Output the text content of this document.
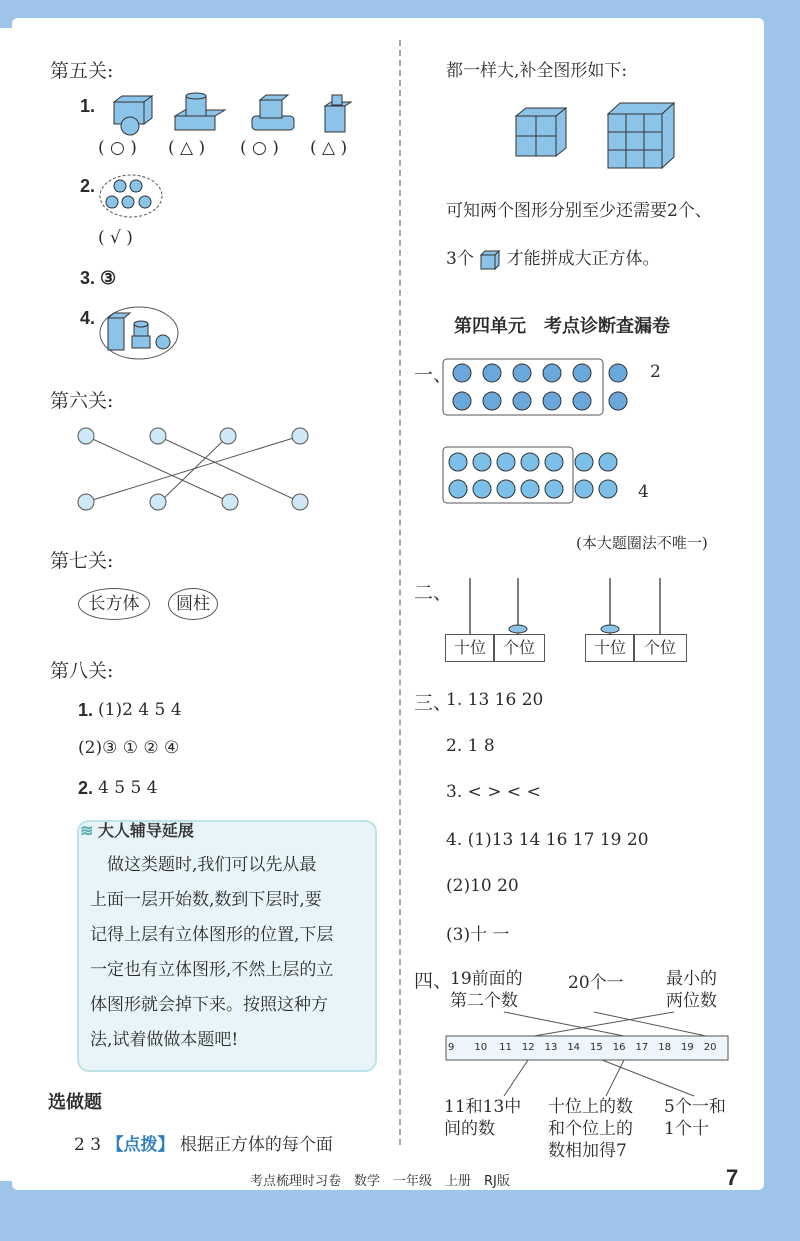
第五关:
1.
( ○ ) ( △ ) ( ○ ) ( △ )
2.
( √ )
3. ③
4.
第六关:
第七关:
长方体	圆柱
第八关:
1. (1)2 4 5 4
(2)③ ① ② ④
2. 4 5 5 4
≋ 大人辅导延展
　做这类题时,我们可以先从最
上面一层开始数,数到下层时,要
记得上层有立体图形的位置,下层
一定也有立体图形,不然上层的立
体图形就会掉下来。按照这种方
法,试着做做本题吧!
选做题
2 3 【点拨】 根据正方体的每个面
都一样大,补全图形如下:
可知两个图形分别至少还需要2个、
3个 才能拼成大正方体。
第四单元　考点诊断查漏卷
一、	2
4
(本大题圈法不唯一)
二、
十位	个位	十位	个位
三、
1. 13 16 20
2. 1 8
3. < > < <
4. (1)13 14 16 17 19 20
(2)10 20
(3)十 一
四、
19前面的
第二个数
20个一 最小的
两位数
9 10 11 12 13 14 15 16 17 18 19 20
11和13中
间的数
十位上的数
和个位上的
数相加得7
5个一和
1个十
考点梳理时习卷　数学　一年级　上册　RJ版	7
